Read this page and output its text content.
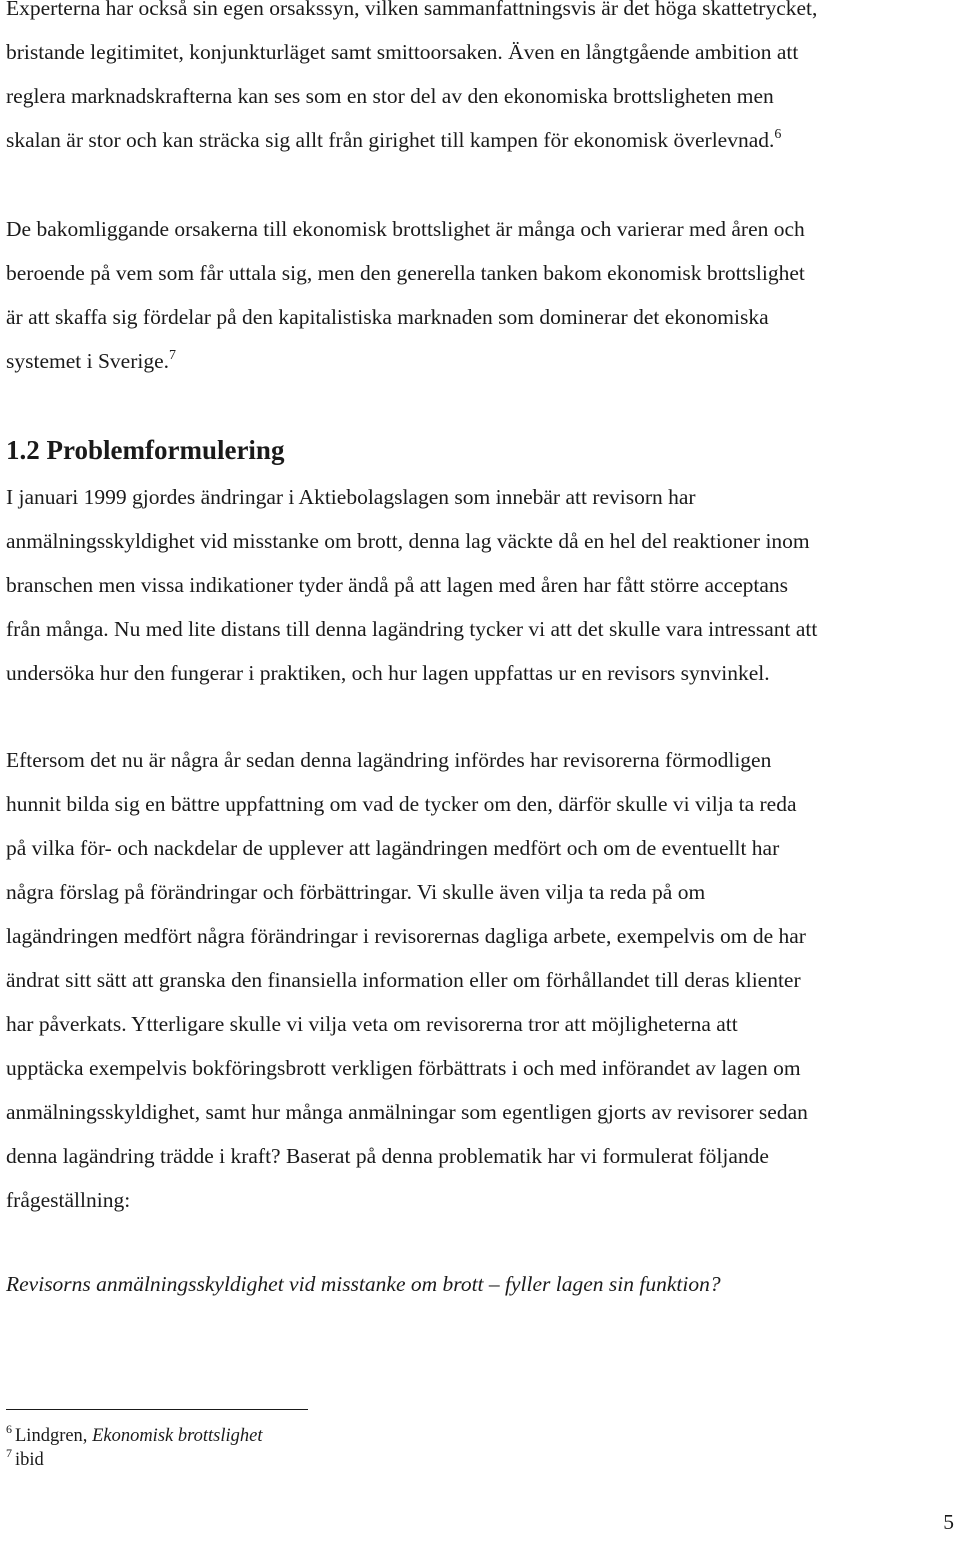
Experterna har också sin egen orsakssyn, vilken sammanfattningsvis är det höga skattetrycket,
bristande legitimitet, konjunkturläget samt smittoorsaken. Även en långtgående ambition att
reglera marknadskrafterna kan ses som en stor del av den ekonomiska brottsligheten men
skalan är stor och kan sträcka sig allt från girighet till kampen för ekonomisk överlevnad.$^6$

De bakomliggande orsakerna till ekonomisk brottslighet är många och varierar med åren och
beroende på vem som får uttala sig, men den generella tanken bakom ekonomisk brottslighet
är att skaffa sig fördelar på den kapitalistiska marknaden som dominerar det ekonomiska
systemet i Sverige.$^7$

1.2 Problemformulering

I januari 1999 gjordes ändringar i Aktiebolagslagen som innebär att revisorn har
anmälningsskyldighet vid misstanke om brott, denna lag väckte då en hel del reaktioner inom
branschen men vissa indikationer tyder ändå på att lagen med åren har fått större acceptans
från många. Nu med lite distans till denna lagändring tycker vi att det skulle vara intressant att
undersöka hur den fungerar i praktiken, och hur lagen uppfattas ur en revisors synvinkel.

Eftersom det nu är några år sedan denna lagändring infördes har revisorerna förmodligen
hunnit bilda sig en bättre uppfattning om vad de tycker om den, därför skulle vi vilja ta reda
på vilka för- och nackdelar de upplever att lagändringen medfört och om de eventuellt har
några förslag på förändringar och förbättringar. Vi skulle även vilja ta reda på om
lagändringen medfört några förändringar i revisorernas dagliga arbete, exempelvis om de har
ändrat sitt sätt att granska den finansiella information eller om förhållandet till deras klienter
har påverkats. Ytterligare skulle vi vilja veta om revisorerna tror att möjligheterna att
upptäcka exempelvis bokföringsbrott verkligen förbättrats i och med införandet av lagen om
anmälningsskyldighet, samt hur många anmälningar som egentligen gjorts av revisorer sedan
denna lagändring trädde i kraft? Baserat på denna problematik har vi formulerat följande
frågeställning:

Revisorns anmälningsskyldighet vid misstanke om brott – fyller lagen sin funktion?

$^6$ Lindgren, Ekonomisk brottslighet

$^7$ ibid

5
